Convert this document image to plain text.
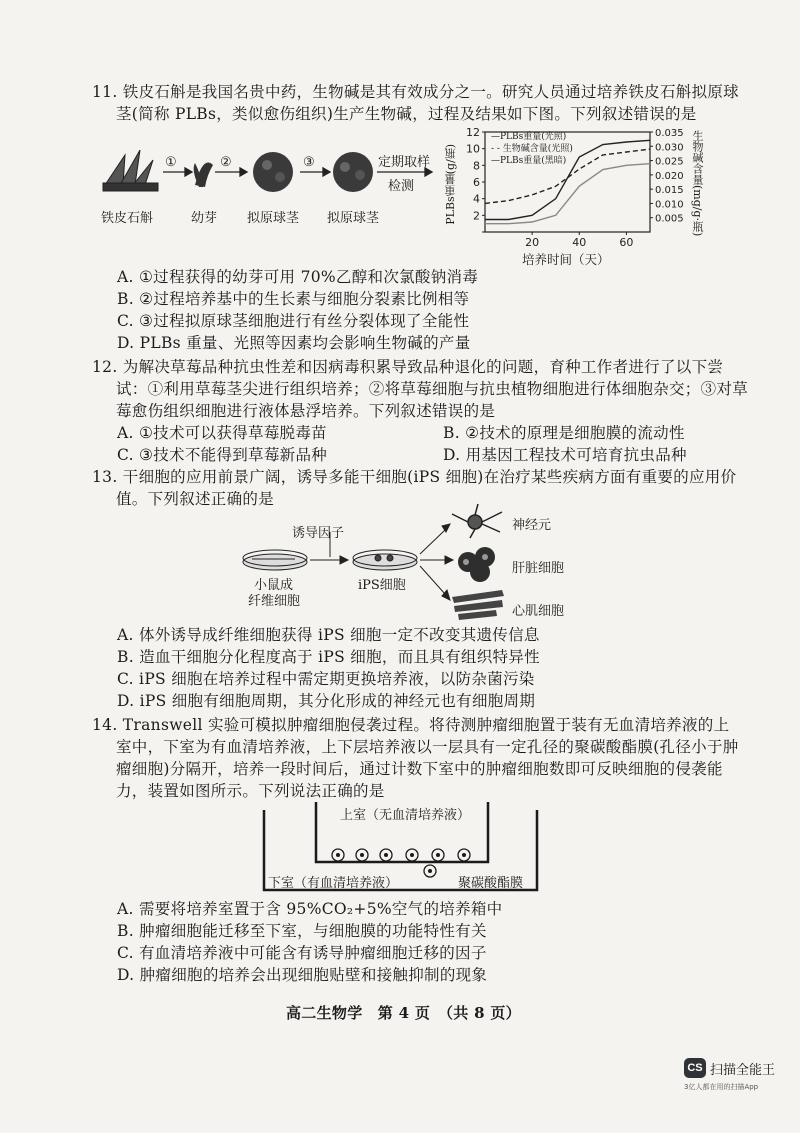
11. 铁皮石斛是我国名贵中药，生物碱是其有效成分之一。研究人员通过培养铁皮石斛拟原球
茎(简称 PLBs，类似愈伤组织)生产生物碱，过程及结果如下图。下列叙述错误的是
①	②	③	定期取样
检测
铁皮石斛	幼芽 拟原球茎 拟原球茎	2
4
6
8
10
12
0.005
0.010
0.015
0.020
0.025
0.030
0.035
20	40	60
培养时间（天）
PLBs重量(g/瓶)	生物碱含量(mg/g·瓶)
—PLBs重量(光照)
- - 生物碱含量(光照)
—PLBs重量(黑暗)
A. ①过程获得的幼芽可用 70%乙醇和次氯酸钠消毒
B. ②过程培养基中的生长素与细胞分裂素比例相等
C. ③过程拟原球茎细胞进行有丝分裂体现了全能性
D. PLBs 重量、光照等因素均会影响生物碱的产量
12. 为解决草莓品种抗虫性差和因病毒积累导致品种退化的问题，育种工作者进行了以下尝
试：①利用草莓茎尖进行组织培养；②将草莓细胞与抗虫植物细胞进行体细胞杂交；③对草
莓愈伤组织细胞进行液体悬浮培养。下列叙述错误的是
A. ①技术可以获得草莓脱毒苗	B. ②技术的原理是细胞膜的流动性
C. ③技术不能得到草莓新品种	D. 用基因工程技术可培育抗虫品种
13. 干细胞的应用前景广阔，诱导多能干细胞(iPS 细胞)在治疗某些疾病方面有重要的应用价
值。下列叙述正确的是
诱导因子
小鼠成
纤维细胞
iPS细胞
神经元
肝脏细胞
心肌细胞
A. 体外诱导成纤维细胞获得 iPS 细胞一定不改变其遗传信息
B. 造血干细胞分化程度高于 iPS 细胞，而且具有组织特异性
C. iPS 细胞在培养过程中需定期更换培养液，以防杂菌污染
D. iPS 细胞有细胞周期，其分化形成的神经元也有细胞周期
14. Transwell 实验可模拟肿瘤细胞侵袭过程。将待测肿瘤细胞置于装有无血清培养液的上
室中，下室为有血清培养液，上下层培养液以一层具有一定孔径的聚碳酸酯膜(孔径小于肿
瘤细胞)分隔开，培养一段时间后，通过计数下室中的肿瘤细胞数即可反映细胞的侵袭能
力，装置如图所示。下列说法正确的是
上室（无血清培养液）
下室（有血清培养液）	聚碳酸酯膜
A. 需要将培养室置于含 95%CO₂+5%空气的培养箱中
B. 肿瘤细胞能迁移至下室，与细胞膜的功能特性有关
C. 有血清培养液中可能含有诱导肿瘤细胞迁移的因子
D. 肿瘤细胞的培养会出现细胞贴壁和接触抑制的现象
高二生物学　第 4 页　（共 8 页）
CS 扫描全能王
3亿人都在用的扫描App
